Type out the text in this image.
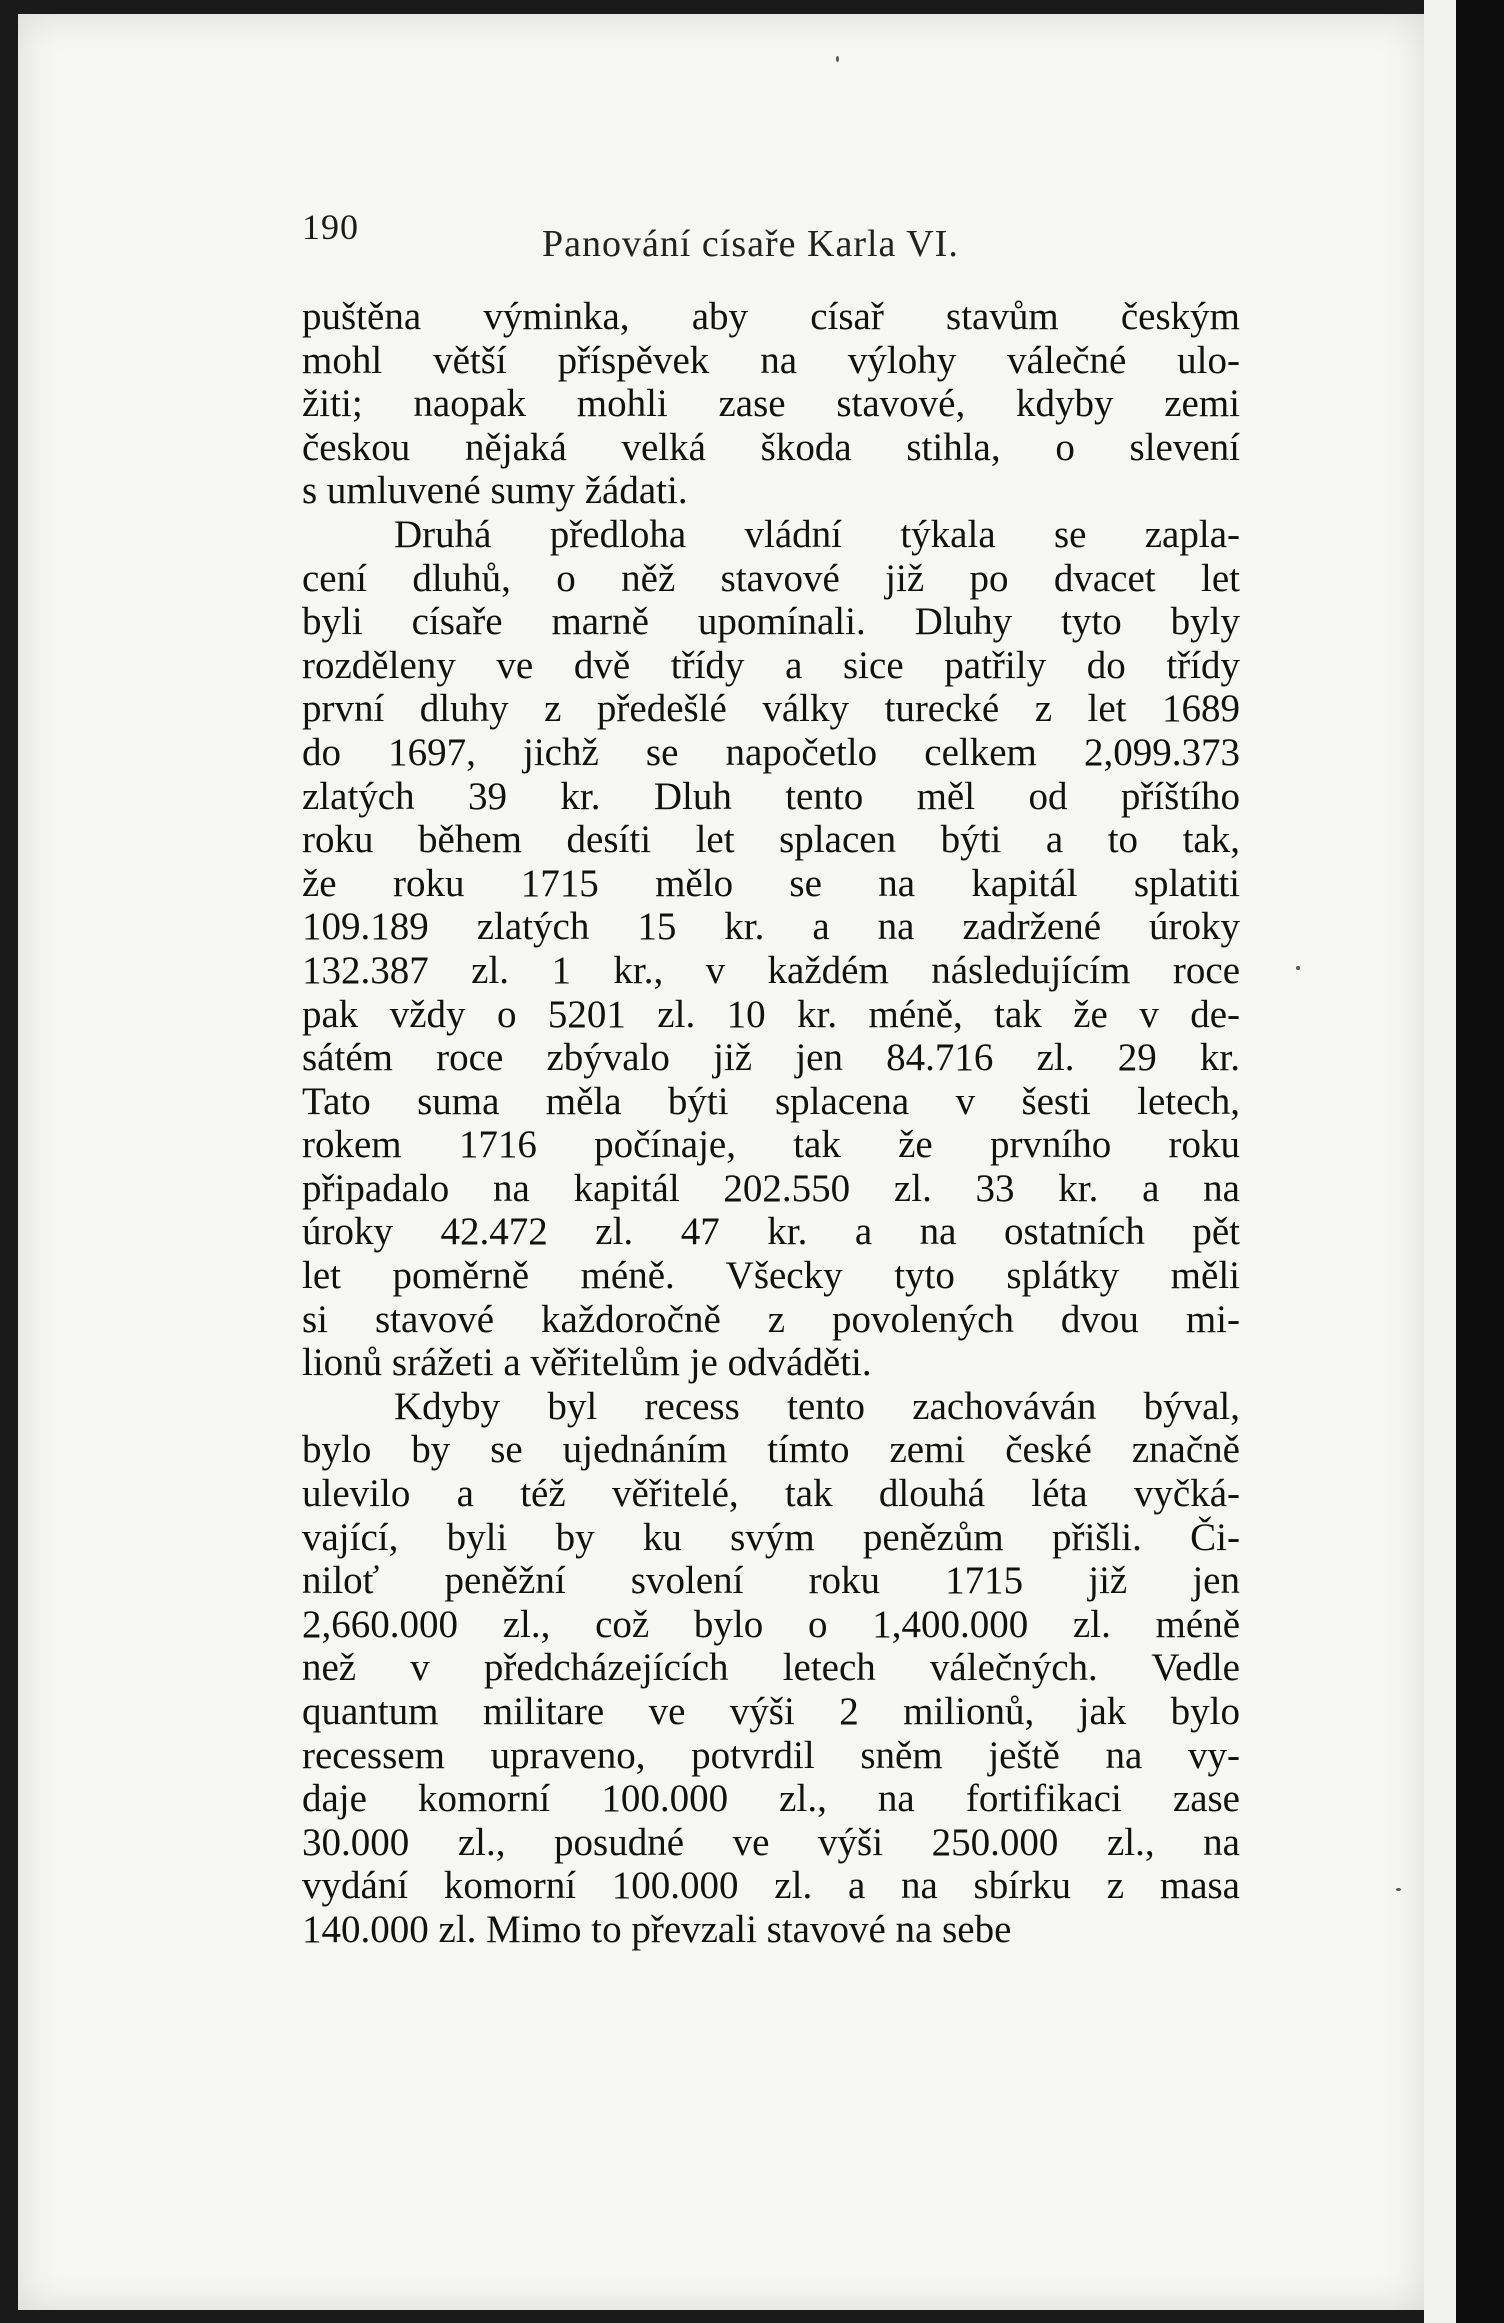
190	Panování císaře Karla VI.
puštěna výminka, aby císař stavům českým
mohl větší příspěvek na výlohy válečné ulo-
žiti; naopak mohli zase stavové, kdyby zemi
českou nějaká velká škoda stihla, o slevení
s umluvené sumy žádati.
Druhá předloha vládní týkala se zapla-
cení dluhů, o něž stavové již po dvacet let
byli císaře marně upomínali. Dluhy tyto byly
rozděleny ve dvě třídy a sice patřily do třídy
první dluhy z předešlé války turecké z let 1689
do 1697, jichž se napočetlo celkem 2,099.373
zlatých 39 kr. Dluh tento měl od příštího
roku během desíti let splacen býti a to tak,
že roku 1715 mělo se na kapitál splatiti
109.189 zlatých 15 kr. a na zadržené úroky
132.387 zl. 1 kr., v každém následujícím roce
pak vždy o 5201 zl. 10 kr. méně, tak že v de-
sátém roce zbývalo již jen 84.716 zl. 29 kr.
Tato suma měla býti splacena v šesti letech,
rokem 1716 počínaje, tak že prvního roku
připadalo na kapitál 202.550 zl. 33 kr. a na
úroky 42.472 zl. 47 kr. a na ostatních pět
let poměrně méně. Všecky tyto splátky měli
si stavové každoročně z povolených dvou mi-
lionů srážeti a věřitelům je odváděti.
Kdyby byl recess tento zachováván býval,
bylo by se ujednáním tímto zemi české značně
ulevilo a též věřitelé, tak dlouhá léta vyčká-
vající, byli by ku svým penězům přišli. Či-
niloť peněžní svolení roku 1715 již jen
2,660.000 zl., což bylo o 1,400.000 zl. méně
než v předcházejících letech válečných. Vedle
quantum militare ve výši 2 milionů, jak bylo
recessem upraveno, potvrdil sněm ještě na vy-
daje komorní 100.000 zl., na fortifikaci zase
30.000 zl., posudné ve výši 250.000 zl., na
vydání komorní 100.000 zl. a na sbírku z masa
140.000 zl. Mimo to převzali stavové na sebe
